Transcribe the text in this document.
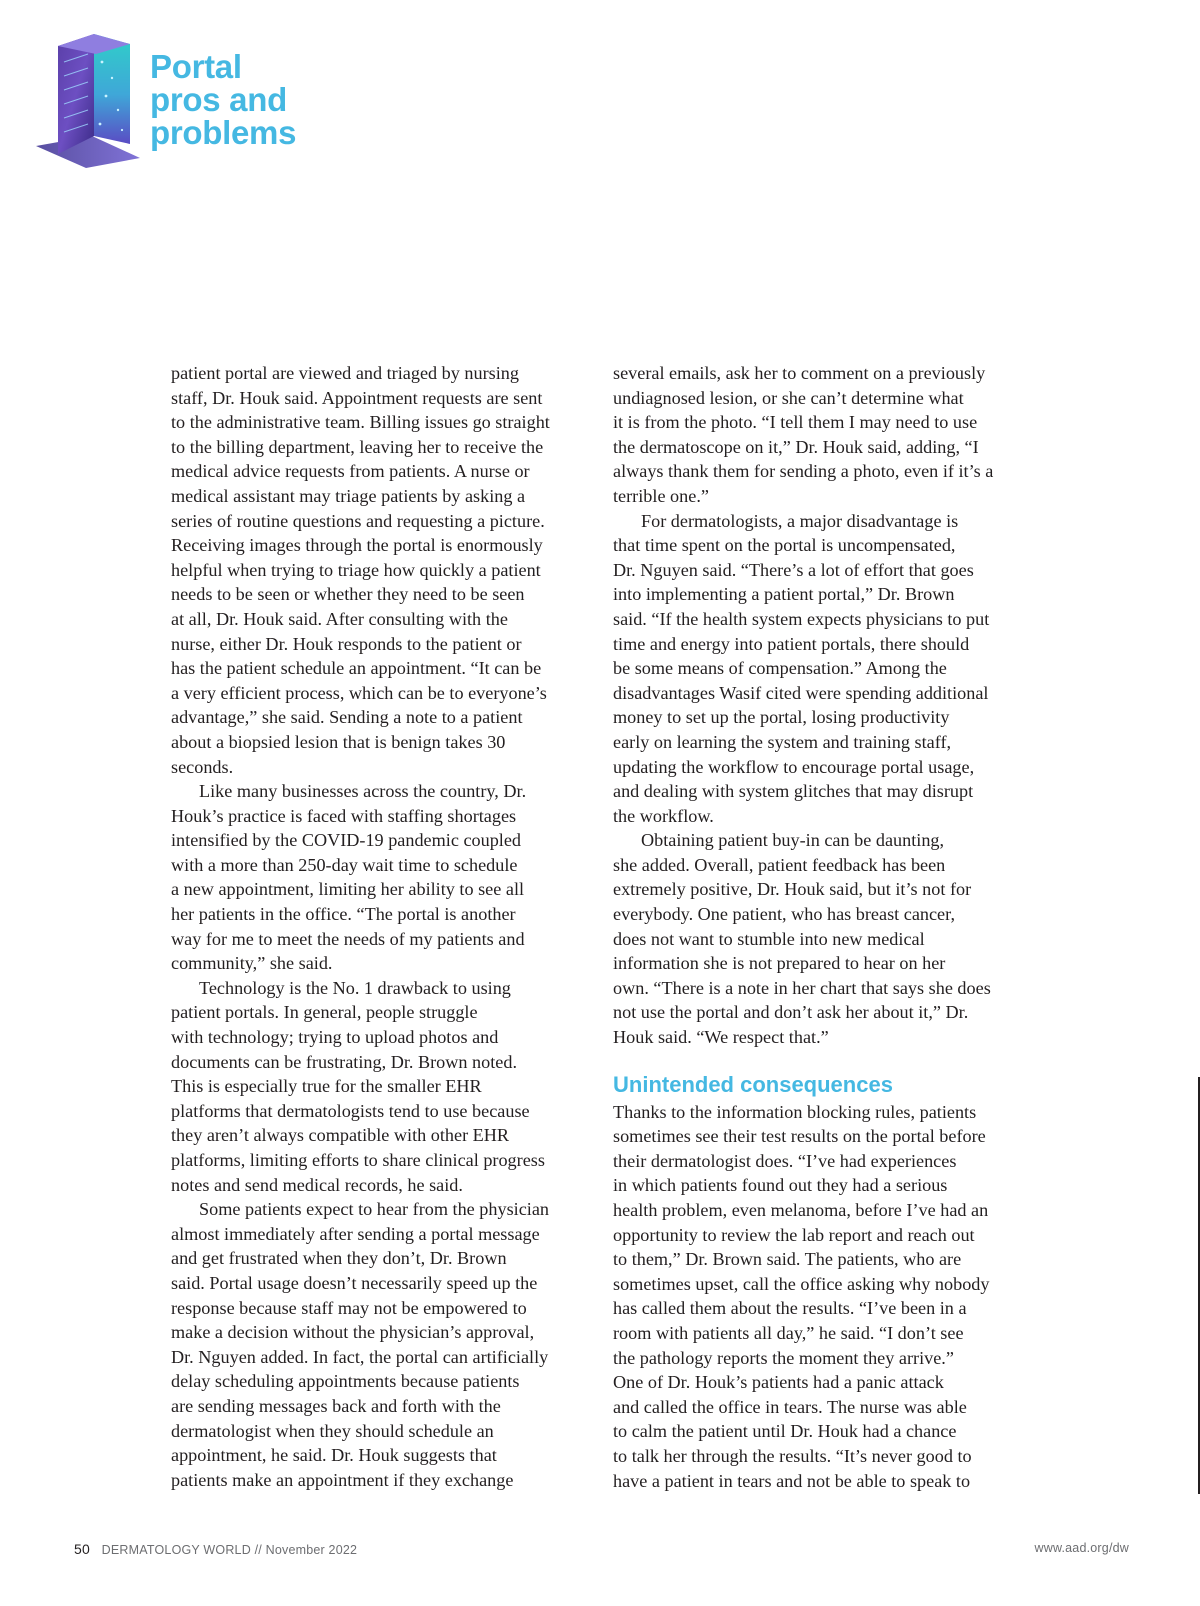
Portal
pros and
problems

patient portal are viewed and triaged by nursing
staff, Dr. Houk said. Appointment requests are sent
to the administrative team. Billing issues go straight
to the billing department, leaving her to receive the
medical advice requests from patients. A nurse or
medical assistant may triage patients by asking a
series of routine questions and requesting a picture.
Receiving images through the portal is enormously
helpful when trying to triage how quickly a patient
needs to be seen or whether they need to be seen
at all, Dr. Houk said. After consulting with the
nurse, either Dr. Houk responds to the patient or
has the patient schedule an appointment. “It can be
a very efficient process, which can be to everyone’s
advantage,” she said. Sending a note to a patient
about a biopsied lesion that is benign takes 30
seconds.

Like many businesses across the country, Dr.
Houk’s practice is faced with staffing shortages
intensified by the COVID-19 pandemic coupled
with a more than 250-day wait time to schedule
a new appointment, limiting her ability to see all
her patients in the office. “The portal is another
way for me to meet the needs of my patients and
community,” she said.

Technology is the No. 1 drawback to using
patient portals. In general, people struggle
with technology; trying to upload photos and
documents can be frustrating, Dr. Brown noted.
This is especially true for the smaller EHR
platforms that dermatologists tend to use because
they aren’t always compatible with other EHR
platforms, limiting efforts to share clinical progress
notes and send medical records, he said.

Some patients expect to hear from the physician
almost immediately after sending a portal message
and get frustrated when they don’t, Dr. Brown
said. Portal usage doesn’t necessarily speed up the
response because staff may not be empowered to
make a decision without the physician’s approval,
Dr. Nguyen added. In fact, the portal can artificially
delay scheduling appointments because patients
are sending messages back and forth with the
dermatologist when they should schedule an
appointment, he said. Dr. Houk suggests that
patients make an appointment if they exchange

several emails, ask her to comment on a previously
undiagnosed lesion, or she can’t determine what
it is from the photo. “I tell them I may need to use
the dermatoscope on it,” Dr. Houk said, adding, “I
always thank them for sending a photo, even if it’s a
terrible one.”

For dermatologists, a major disadvantage is
that time spent on the portal is uncompensated,
Dr. Nguyen said. “There’s a lot of effort that goes
into implementing a patient portal,” Dr. Brown
said. “If the health system expects physicians to put
time and energy into patient portals, there should
be some means of compensation.” Among the
disadvantages Wasif cited were spending additional
money to set up the portal, losing productivity
early on learning the system and training staff,
updating the workflow to encourage portal usage,
and dealing with system glitches that may disrupt
the workflow.

Obtaining patient buy-in can be daunting,
she added. Overall, patient feedback has been
extremely positive, Dr. Houk said, but it’s not for
everybody. One patient, who has breast cancer,
does not want to stumble into new medical
information she is not prepared to hear on her
own. “There is a note in her chart that says she does
not use the portal and don’t ask her about it,” Dr.
Houk said. “We respect that.”

Unintended consequences

Thanks to the information blocking rules, patients
sometimes see their test results on the portal before
their dermatologist does. “I’ve had experiences
in which patients found out they had a serious
health problem, even melanoma, before I’ve had an
opportunity to review the lab report and reach out
to them,” Dr. Brown said. The patients, who are
sometimes upset, call the office asking why nobody
has called them about the results. “I’ve been in a
room with patients all day,” he said. “I don’t see
the pathology reports the moment they arrive.”
One of Dr. Houk’s patients had a panic attack
and called the office in tears. The nurse was able
to calm the patient until Dr. Houk had a chance
to talk her through the results. “It’s never good to
have a patient in tears and not be able to speak to

50 DERMATOLOGY WORLD // November 2022	www.aad.org/dw
